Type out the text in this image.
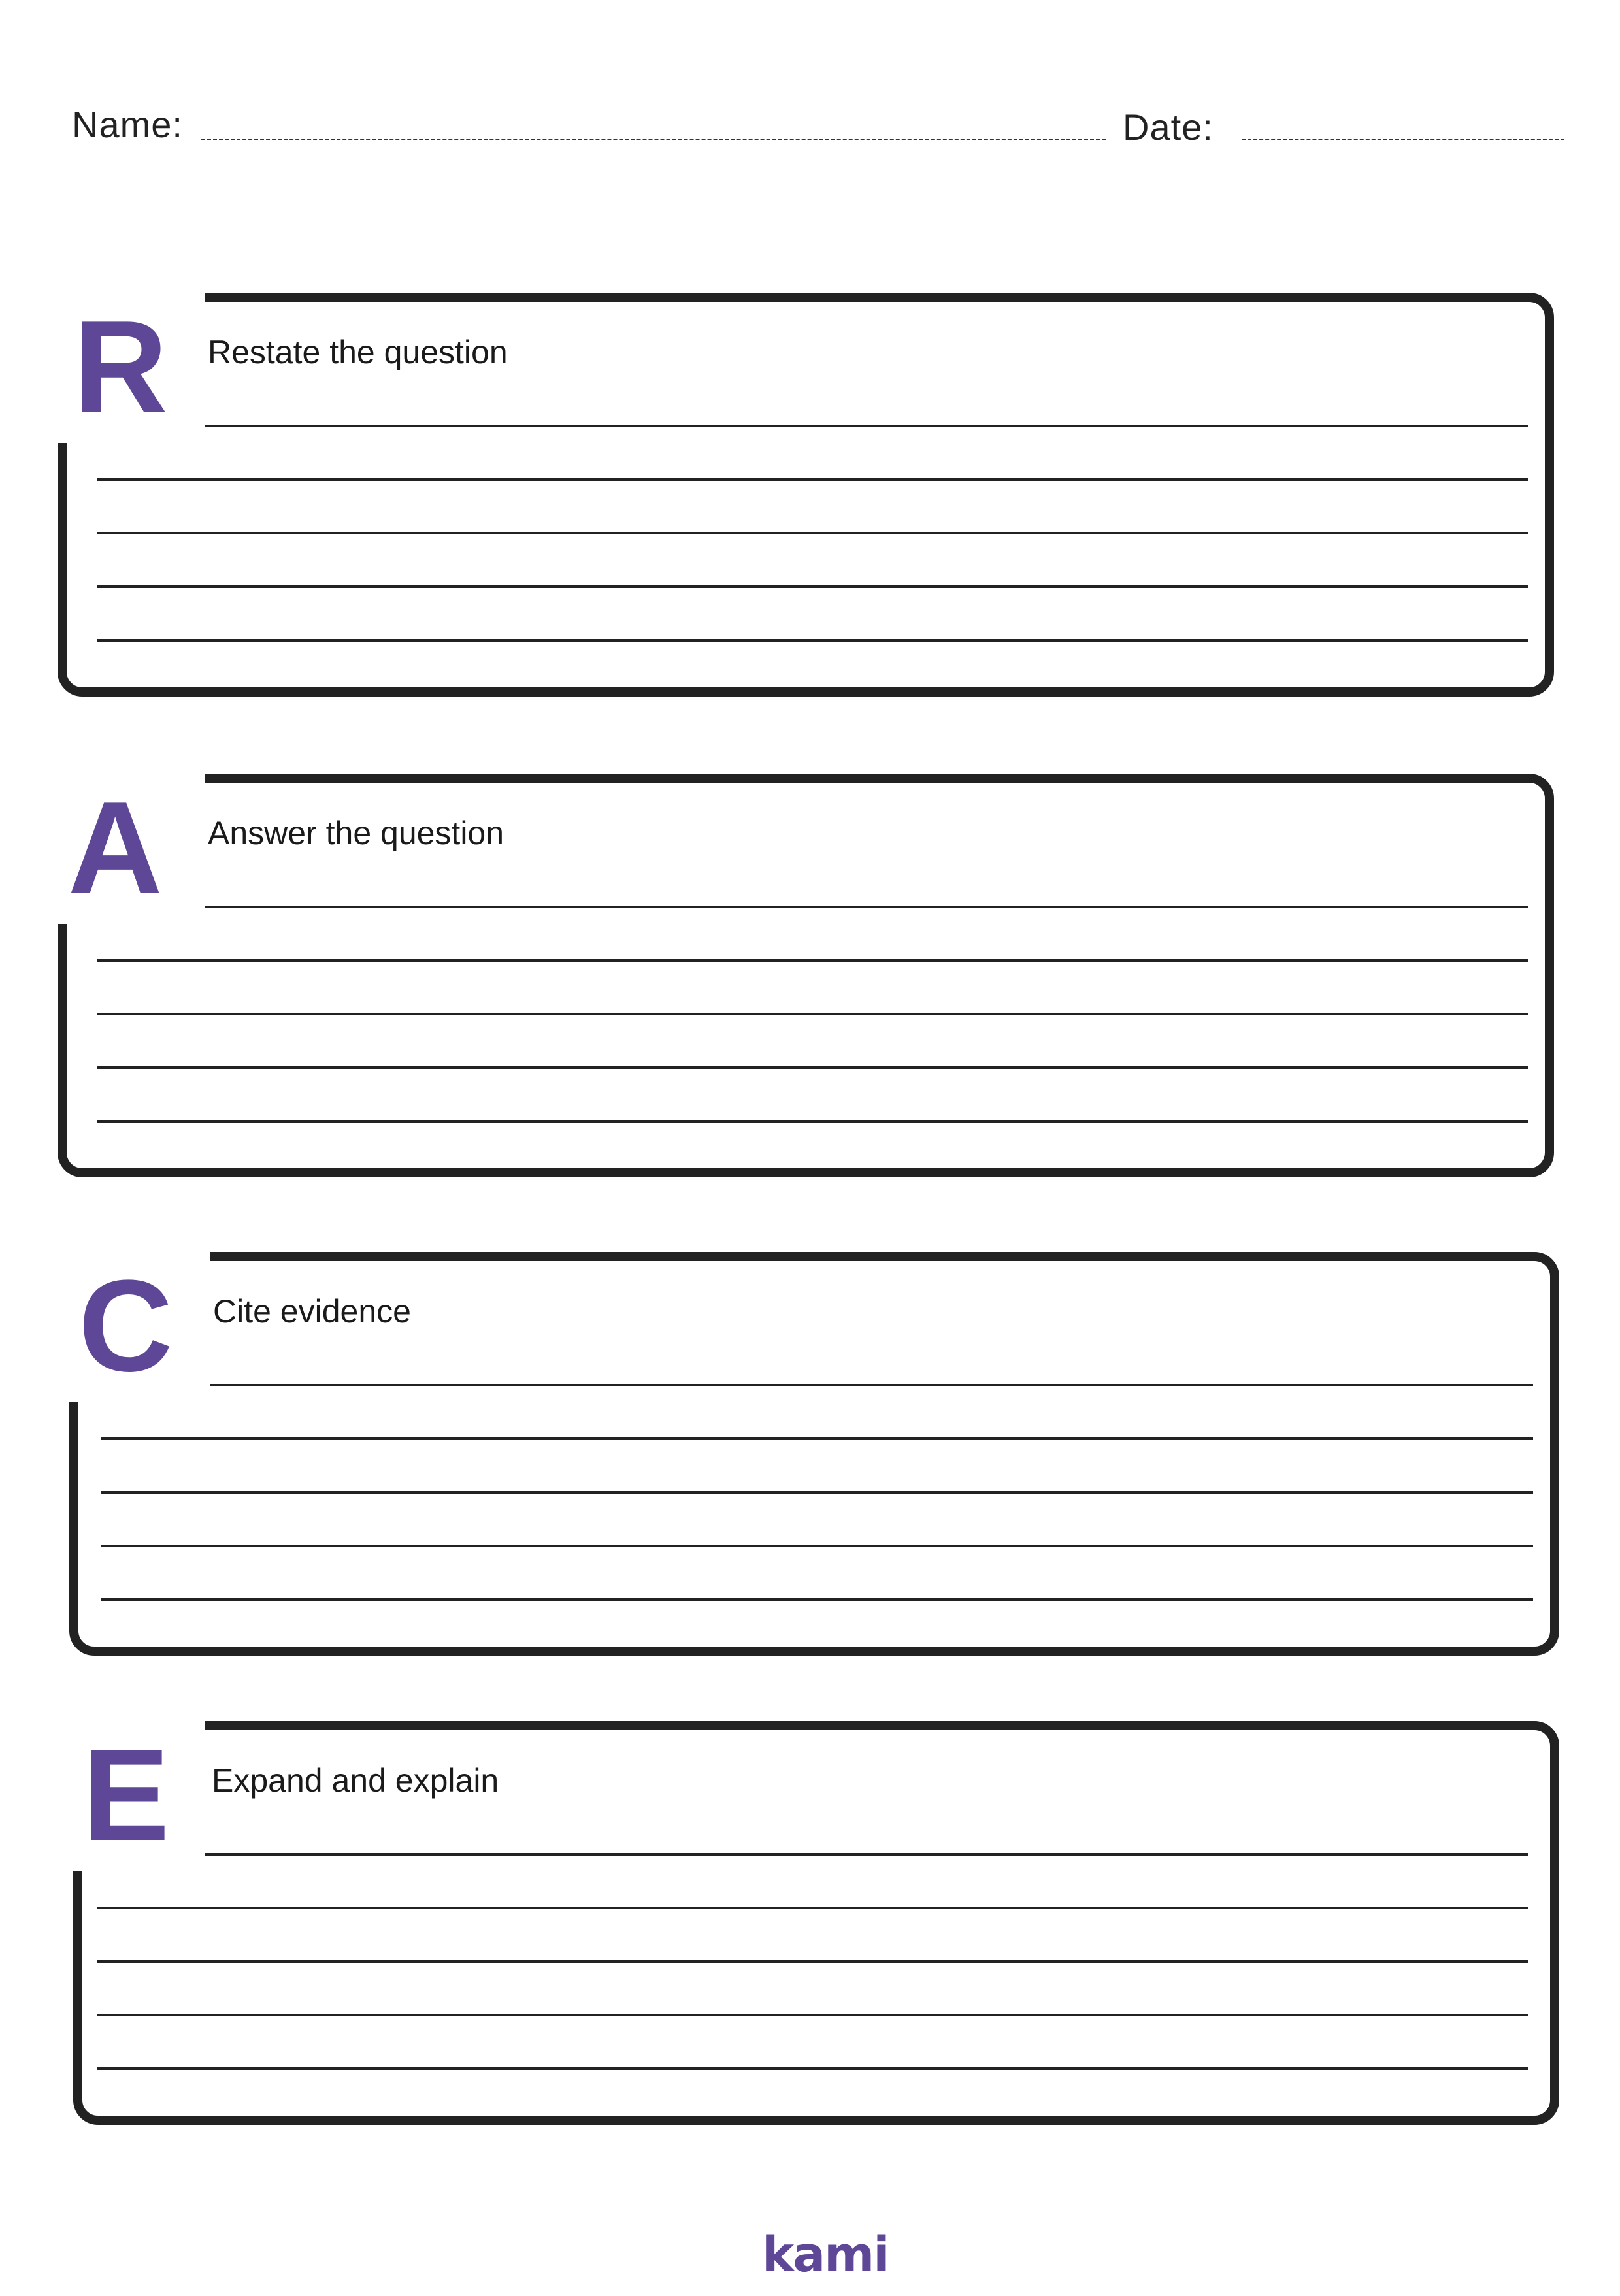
Name:	Date:
R Restate the question
A Answer the question
C Cite evidence
E Expand and explain
kami
